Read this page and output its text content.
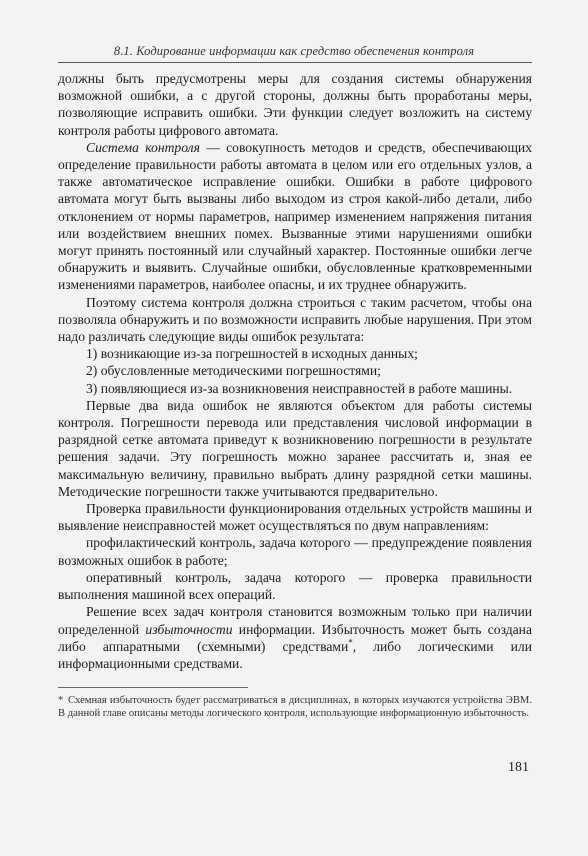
8.1. Кодирование информации как средство обеспечения контроля

должны быть предусмотрены меры для создания системы обнаружения возможной ошибки, а с другой стороны, должны быть проработаны меры, позволяющие исправить ошибки. Эти функции следует возложить на систему контроля работы цифрового автомата.

Система контроля — совокупность методов и средств, обеспечивающих определение правильности работы автомата в целом или его отдельных узлов, а также автоматическое исправление ошибки. Ошибки в работе цифрового автомата могут быть вызваны либо выходом из строя какой-либо детали, либо отклонением от нормы параметров, например изменением напряжения питания или воздействием внешних помех. Вызванные этими нарушениями ошибки могут принять постоянный или случайный характер. Постоянные ошибки легче обнаружить и выявить. Случайные ошибки, обусловленные кратковременными изменениями параметров, наиболее опасны, и их труднее обнаружить.

Поэтому система контроля должна строиться с таким расчетом, чтобы она позволяла обнаружить и по возможности исправить любые нарушения. При этом надо различать следующие виды ошибок результата:

1) возникающие из-за погрешностей в исходных данных;

2) обусловленные методическими погрешностями;

3) появляющиеся из-за возникновения неисправностей в работе машины.

Первые два вида ошибок не являются объектом для работы системы контроля. Погрешности перевода или представления числовой информации в разрядной сетке автомата приведут к возникновению погрешности в результате решения задачи. Эту погрешность можно заранее рассчитать и, зная ее максимальную величину, правильно выбрать длину разрядной сетки машины. Методические погрешности также учитываются предварительно.

Проверка правильности функционирования отдельных устройств машины и выявление неисправностей может осуществляться по двум направлениям:

профилактический контроль, задача которого — предупреждение появления возможных ошибок в работе;

оперативный контроль, задача которого — проверка правильности выполнения машиной всех операций.

Решение всех задач контроля становится возможным только при наличии определенной избыточности информации. Избыточность может быть создана либо аппаратными (схемными) средствами*, либо логическими или информационными средствами.

* Схемная избыточность будет рассматриваться в дисциплинах, в которых изучаются устройства ЭВМ. В данной главе описаны методы логического контроля, использующие информационную избыточность.
181
